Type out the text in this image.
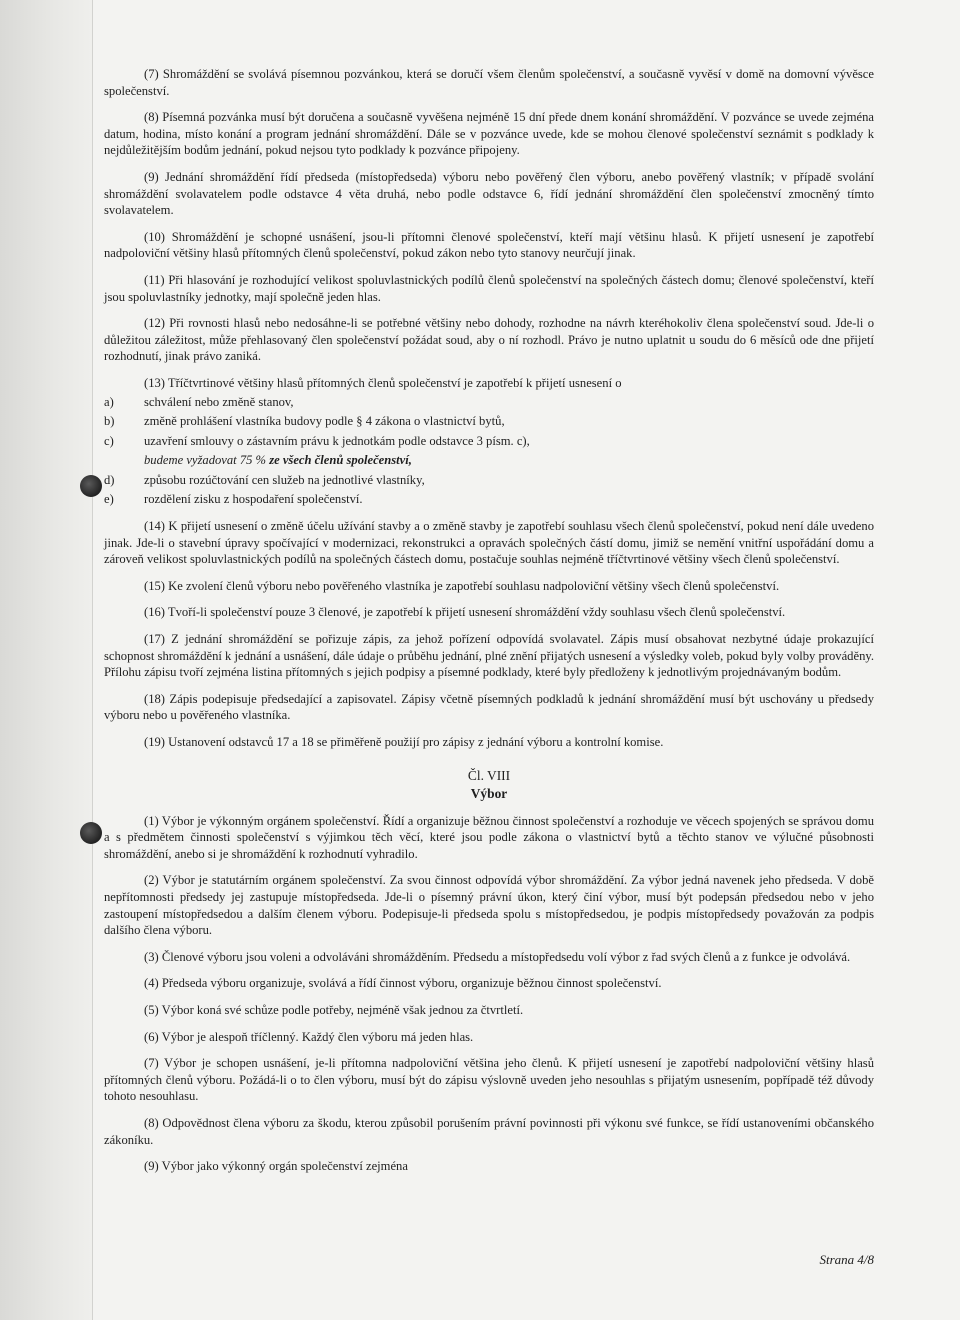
(7) Shromáždění se svolává písemnou pozvánkou, která se doručí všem členům společenství, a současně vyvěsí v domě na domovní vývěsce společenství.

(8) Písemná pozvánka musí být doručena a současně vyvěšena nejméně 15 dní přede dnem konání shromáždění. V pozvánce se uvede zejména datum, hodina, místo konání a program jednání shromáždění. Dále se v pozvánce uvede, kde se mohou členové společenství seznámit s podklady k nejdůležitějším bodům jednání, pokud nejsou tyto podklady k pozvánce připojeny.

(9) Jednání shromáždění řídí předseda (místopředseda) výboru nebo pověřený člen výboru, anebo pověřený vlastník; v případě svolání shromáždění svolavatelem podle odstavce 4 věta druhá, nebo podle odstavce 6, řídí jednání shromáždění člen společenství zmocněný tímto svolavatelem.

(10) Shromáždění je schopné usnášení, jsou-li přítomni členové společenství, kteří mají většinu hlasů. K přijetí usnesení je zapotřebí nadpoloviční většiny hlasů přítomných členů společenství, pokud zákon nebo tyto stanovy neurčují jinak.

(11) Při hlasování je rozhodující velikost spoluvlastnických podílů členů společenství na společných částech domu; členové společenství, kteří jsou spoluvlastníky jednotky, mají společně jeden hlas.

(12) Při rovnosti hlasů nebo nedosáhne-li se potřebné většiny nebo dohody, rozhodne na návrh kteréhokoliv člena společenství soud. Jde-li o důležitou záležitost, může přehlasovaný člen společenství požádat soud, aby o ní rozhodl. Právo je nutno uplatnit u soudu do 6 měsíců ode dne přijetí rozhodnutí, jinak právo zaniká.

(13) Tříčtvrtinové většiny hlasů přítomných členů společenství je zapotřebí k přijetí usnesení o

a)	schválení nebo změně stanov,
b)	změně prohlášení vlastníka budovy podle § 4 zákona o vlastnictví bytů,
c)	uzavření smlouvy o zástavním právu k jednotkám podle odstavce 3 písm. c),
budeme vyžadovat 75 % ze všech členů společenství,
d)	způsobu rozúčtování cen služeb na jednotlivé vlastníky,
e)	rozdělení zisku z hospodaření společenství.

(14) K přijetí usnesení o změně účelu užívání stavby a o změně stavby je zapotřebí souhlasu všech členů společenství, pokud není dále uvedeno jinak. Jde-li o stavební úpravy spočívající v modernizaci, rekonstrukci a opravách společných částí domu, jimiž se nemění vnitřní uspořádání domu a zároveň velikost spoluvlastnických podílů na společných částech domu, postačuje souhlas nejméně tříčtvrtinové většiny všech členů společenství.

(15) Ke zvolení členů výboru nebo pověřeného vlastníka je zapotřebí souhlasu nadpoloviční většiny všech členů společenství.

(16) Tvoří-li společenství pouze 3 členové, je zapotřebí k přijetí usnesení shromáždění vždy souhlasu všech členů společenství.

(17) Z jednání shromáždění se pořizuje zápis, za jehož pořízení odpovídá svolavatel. Zápis musí obsahovat nezbytné údaje prokazující schopnost shromáždění k jednání a usnášení, dále údaje o průběhu jednání, plné znění přijatých usnesení a výsledky voleb, pokud byly volby prováděny. Přílohu zápisu tvoří zejména listina přítomných s jejich podpisy a písemné podklady, které byly předloženy k jednotlivým projednávaným bodům.

(18) Zápis podepisuje předsedající a zapisovatel. Zápisy včetně písemných podkladů k jednání shromáždění musí být uschovány u předsedy výboru nebo u pověřeného vlastníka.

(19) Ustanovení odstavců 17 a 18 se přiměřeně použijí pro zápisy z jednání výboru a kontrolní komise.

Čl. VIII
Výbor

(1) Výbor je výkonným orgánem společenství. Řídí a organizuje běžnou činnost společenství a rozhoduje ve věcech spojených se správou domu a s předmětem činnosti společenství s výjimkou těch věcí, které jsou podle zákona o vlastnictví bytů a těchto stanov ve výlučné působnosti shromáždění, anebo si je shromáždění k rozhodnutí vyhradilo.

(2) Výbor je statutárním orgánem společenství. Za svou činnost odpovídá výbor shromáždění. Za výbor jedná navenek jeho předseda. V době nepřítomnosti předsedy jej zastupuje místopředseda. Jde-li o písemný právní úkon, který činí výbor, musí být podepsán předsedou nebo v jeho zastoupení místopředsedou a dalším členem výboru. Podepisuje-li předseda spolu s místopředsedou, je podpis místopředsedy považován za podpis dalšího člena výboru.

(3) Členové výboru jsou voleni a odvoláváni shromážděním. Předsedu a místopředsedu volí výbor z řad svých členů a z funkce je odvolává.

(4) Předseda výboru organizuje, svolává a řídí činnost výboru, organizuje běžnou činnost společenství.

(5) Výbor koná své schůze podle potřeby, nejméně však jednou za čtvrtletí.

(6) Výbor je alespoň tříčlenný. Každý člen výboru má jeden hlas.

(7) Výbor je schopen usnášení, je-li přítomna nadpoloviční většina jeho členů. K přijetí usnesení je zapotřebí nadpoloviční většiny hlasů přítomných členů výboru. Požádá-li o to člen výboru, musí být do zápisu výslovně uveden jeho nesouhlas s přijatým usnesením, popřípadě též důvody tohoto nesouhlasu.

(8) Odpovědnost člena výboru za škodu, kterou způsobil porušením právní povinnosti při výkonu své funkce, se řídí ustanoveními občanského zákoníku.

(9) Výbor jako výkonný orgán společenství zejména

Strana 4/8
